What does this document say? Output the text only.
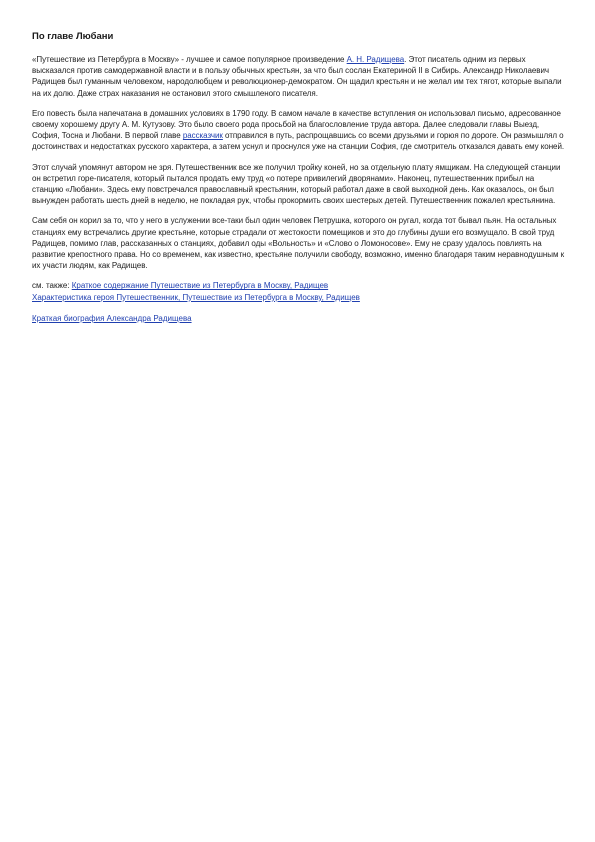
По главе Любани

«Путешествие из Петербурга в Москву» - лучшее и самое популярное произведение А. Н. Радищева. Этот писатель одним из первых высказался против самодержавной власти и в пользу обычных крестьян, за что был сослан Екатериной II в Сибирь. Александр Николаевич Радищев был гуманным человеком, народолюбцем и революционер-демократом. Он щадил крестьян и не желал им тех тягот, которые выпали на их долю. Даже страх наказания не остановил этого смышленого писателя.

Его повесть была напечатана в домашних условиях в 1790 году. В самом начале в качестве вступления он использовал письмо, адресованное своему хорошему другу А. М. Кутузову. Это было своего рода просьбой на благословление труда автора. Далее следовали главы Выезд, София, Тосна и Любани. В первой главе рассказчик отправился в путь, распрощавшись со всеми друзьями и горюя по дороге. Он размышлял о достоинствах и недостатках русского характера, а затем уснул и проснулся уже на станции София, где смотритель отказался давать ему коней.

Этот случай упомянут автором не зря. Путешественник все же получил тройку коней, но за отдельную плату ямщикам. На следующей станции он встретил горе-писателя, который пытался продать ему труд «о потере привилегий дворянами». Наконец, путешественник прибыл на станцию «Любани». Здесь ему повстречался православный крестьянин, который работал даже в свой выходной день. Как оказалось, он был вынужден работать шесть дней в неделю, не покладая рук, чтобы прокормить своих шестерых детей. Путешественник пожалел крестьянина.

Сам себя он корил за то, что у него в услужении все-таки был один человек Петрушка, которого он ругал, когда тот бывал пьян. На остальных станциях ему встречались другие крестьяне, которые страдали от жестокости помещиков и это до глубины души его возмущало. В свой труд Радищев, помимо глав, рассказанных о станциях, добавил оды «Вольность» и «Слово о Ломоносове». Ему не сразу удалось повлиять на развитие крепостного права. Но со временем, как известно, крестьяне получили свободу, возможно, именно благодаря таким неравнодушным к их участи людям, как Радищев.

см. также: Краткое содержание Путешествие из Петербурга в Москву, Радищев
Характеристика героя Путешественник, Путешествие из Петербурга в Москву, Радищев
Краткая биография Александра Радищева
